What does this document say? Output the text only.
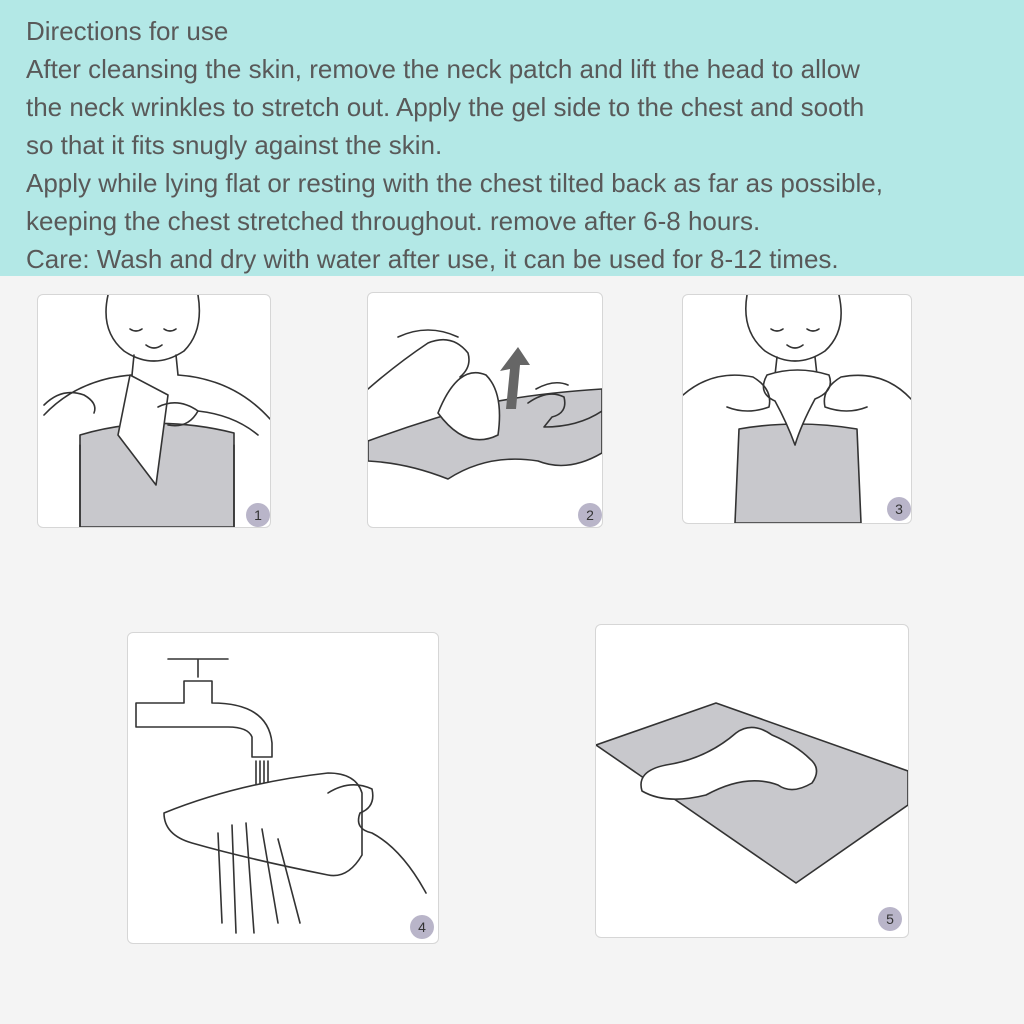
Directions for use

After cleansing the skin, remove the neck patch and lift the head to allow

the neck wrinkles to stretch out. Apply the gel side to the chest and sooth

so that it fits snugly against the skin.

Apply while lying flat or resting with the chest tilted back as far as possible,

keeping the chest stretched throughout. remove after 6-8 hours.

Care: Wash and dry with water after use, it can be used for 8-12 times.

1	2	3
4	5
